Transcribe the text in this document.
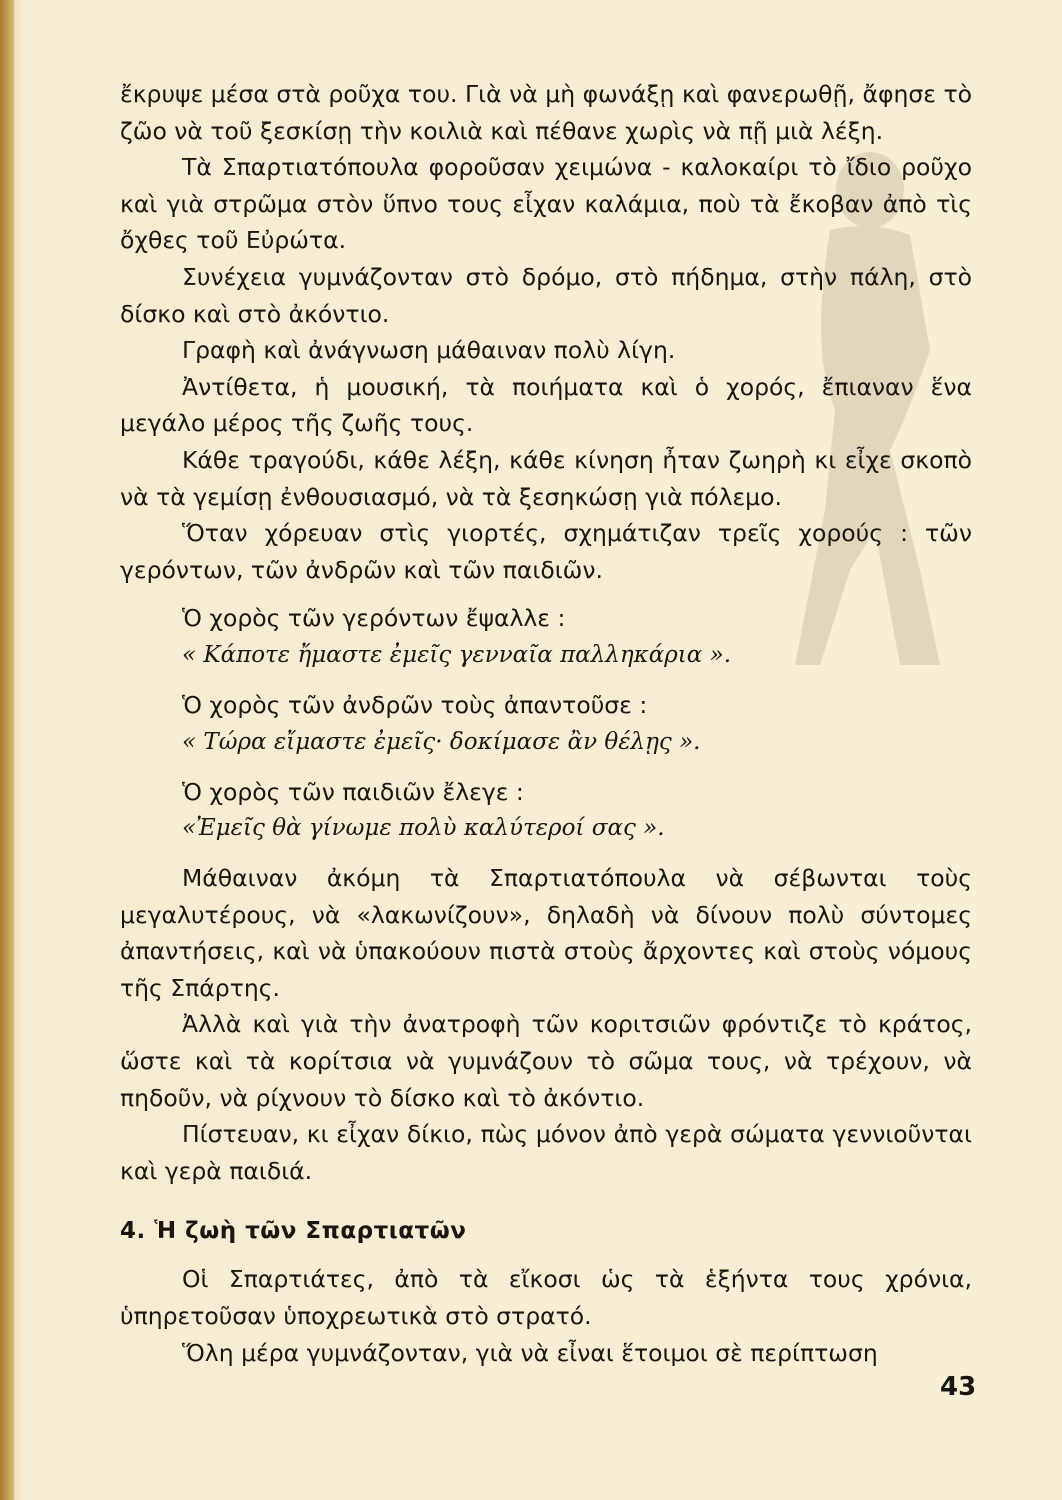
ἔκρυψε μέσα στὰ ροῦχα του. Γιὰ νὰ μὴ φωνάξῃ καὶ φανερωθῇ, ἄφησε τὸ ζῶο νὰ τοῦ ξεσκίσῃ τὴν κοιλιὰ καὶ πέθανε χωρὶς νὰ πῇ μιὰ λέξη.

Τὰ Σπαρτιατόπουλα φοροῦσαν χειμώνα - καλοκαίρι τὸ ἴδιο ροῦχο καὶ γιὰ στρῶμα στὸν ὕπνο τους εἶχαν καλάμια, ποὺ τὰ ἔκοβαν ἀπὸ τὶς ὄχθες τοῦ Εὐρώτα.

Συνέχεια γυμνάζονταν στὸ δρόμο, στὸ πήδημα, στὴν πάλη, στὸ δίσκο καὶ στὸ ἀκόντιο.

Γραφὴ καὶ ἀνάγνωση μάθαιναν πολὺ λίγη.

Ἀντίθετα, ἡ μουσική, τὰ ποιήματα καὶ ὁ χορός, ἔπιαναν ἕνα μεγάλο μέρος τῆς ζωῆς τους.

Κάθε τραγούδι, κάθε λέξη, κάθε κίνηση ἦταν ζωηρὴ κι εἶχε σκοπὸ νὰ τὰ γεμίσῃ ἐνθουσιασμό, νὰ τὰ ξεσηκώσῃ γιὰ πόλεμο.

Ὅταν χόρευαν στὶς γιορτές, σχημάτιζαν τρεῖς χορούς : τῶν γερόντων, τῶν ἀνδρῶν καὶ τῶν παιδιῶν.

Ὁ χορὸς τῶν γερόντων ἔψαλλε :

« Κάποτε ἤμαστε ἐμεῖς γενναῖα παλληκάρια ».

Ὁ χορὸς τῶν ἀνδρῶν τοὺς ἀπαντοῦσε :

« Τώρα εἴμαστε ἐμεῖς· δοκίμασε ἂν θέλῃς ».

Ὁ χορὸς τῶν παιδιῶν ἔλεγε :

«Ἐμεῖς θὰ γίνωμε πολὺ καλύτεροί σας ».

Μάθαιναν ἀκόμη τὰ Σπαρτιατόπουλα νὰ σέβωνται τοὺς μεγαλυτέρους, νὰ «λακωνίζουν», δηλαδὴ νὰ δίνουν πολὺ σύντομες ἀπαντήσεις, καὶ νὰ ὑπακούουν πιστὰ στοὺς ἄρχοντες καὶ στοὺς νόμους τῆς Σπάρτης.

Ἀλλὰ καὶ γιὰ τὴν ἀνατροφὴ τῶν κοριτσιῶν φρόντιζε τὸ κράτος, ὥστε καὶ τὰ κορίτσια νὰ γυμνάζουν τὸ σῶμα τους, νὰ τρέχουν, νὰ πηδοῦν, νὰ ρίχνουν τὸ δίσκο καὶ τὸ ἀκόντιο.

Πίστευαν, κι εἶχαν δίκιο, πὼς μόνον ἀπὸ γερὰ σώματα γεννιοῦνται καὶ γερὰ παιδιά.

4. Ἡ ζωὴ τῶν Σπαρτιατῶν

Οἱ Σπαρτιάτες, ἀπὸ τὰ εἴκοσι ὡς τὰ ἑξήντα τους χρόνια, ὑπηρετοῦσαν ὑποχρεωτικὰ στὸ στρατό.

Ὅλη μέρα γυμνάζονταν, γιὰ νὰ εἶναι ἕτοιμοι σὲ περίπτωση

43
